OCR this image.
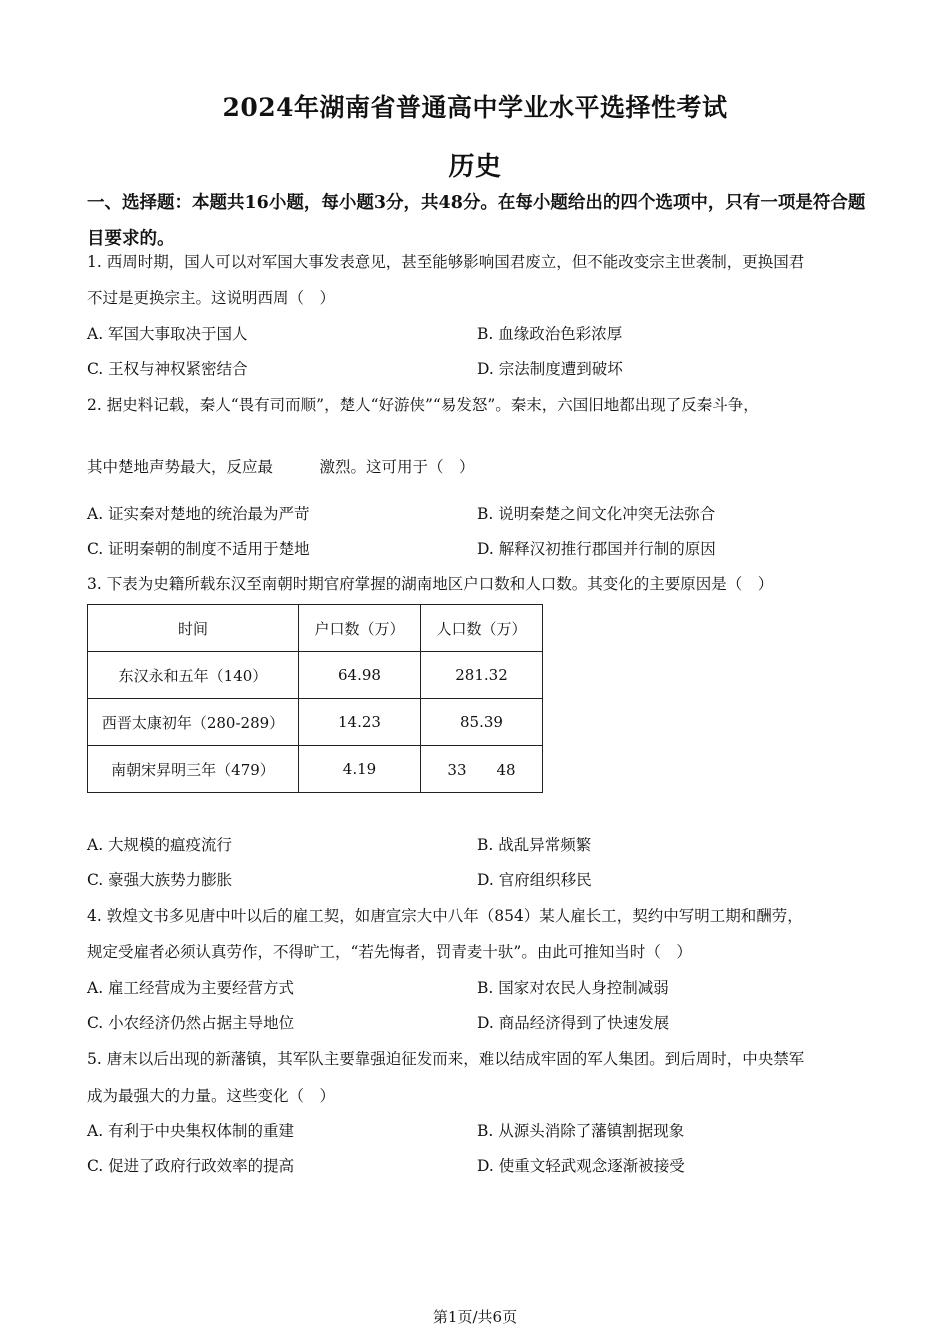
2024年湖南省普通高中学业水平选择性考试
历史
一、选择题：本题共16小题，每小题3分，共48分。在每小题给出的四个选项中，只有一项是符合题目要求的。
1. 西周时期，国人可以对军国大事发表意见，甚至能够影响国君废立，但不能改变宗主世袭制，更换国君
不过是更换宗主。这说明西周（　）
A. 军国大事取决于国人	B. 血缘政治色彩浓厚
C. 王权与神权紧密结合	D. 宗法制度遭到破坏
2. 据史料记载，秦人“畏有司而顺”，楚人“好游侠”“易发怒”。秦末，六国旧地都出现了反秦斗争，
其中楚地声势最大，反应最　　　激烈。这可用于（　）
A. 证实秦对楚地的统治最为严苛	B. 说明秦楚之间文化冲突无法弥合
C. 证明秦朝的制度不适用于楚地	D. 解释汉初推行郡国并行制的原因
3. 下表为史籍所载东汉至南朝时期官府掌握的湖南地区户口数和人口数。其变化的主要原因是（　）
时间	户口数（万）	人口数（万）
东汉永和五年（140）	64.98	281.32
西晋太康初年（280-289）	14.23	85.39
南朝宋昇明三年（479）	4.19	33　　48
A. 大规模的瘟疫流行	B. 战乱异常频繁
C. 豪强大族势力膨胀	D. 官府组织移民
4. 敦煌文书多见唐中叶以后的雇工契，如唐宣宗大中八年（854）某人雇长工，契约中写明工期和酬劳，
规定受雇者必须认真劳作，不得旷工，“若先悔者，罚青麦十驮”。由此可推知当时（　）
A. 雇工经营成为主要经营方式	B. 国家对农民人身控制减弱
C. 小农经济仍然占据主导地位	D. 商品经济得到了快速发展
5. 唐末以后出现的新藩镇，其军队主要靠强迫征发而来，难以结成牢固的军人集团。到后周时，中央禁军
成为最强大的力量。这些变化（　）
A. 有利于中央集权体制的重建	B. 从源头消除了藩镇割据现象
C. 促进了政府行政效率的提高	D. 使重文轻武观念逐渐被接受
第1页/共6页
